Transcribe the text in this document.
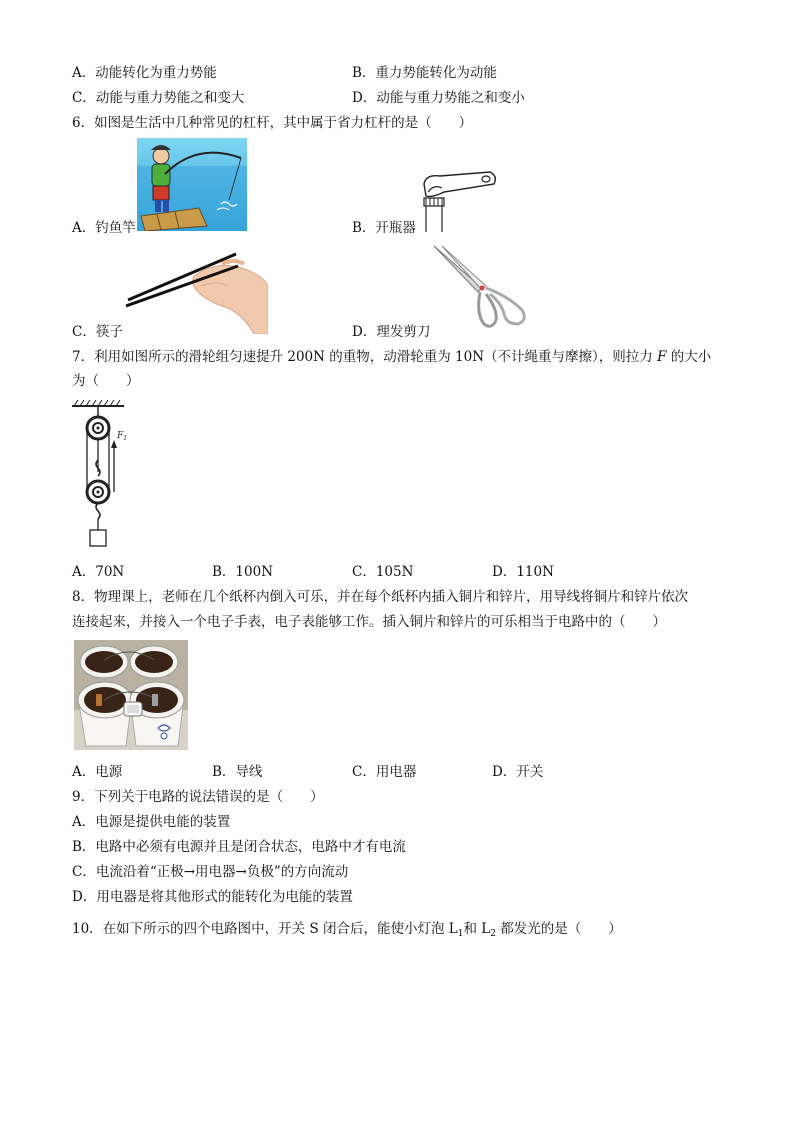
A．动能转化为重力势能	B．重力势能转化为动能
C．动能与重力势能之和变大	D．动能与重力势能之和变小
6．如图是生活中几种常见的杠杆，其中属于省力杠杆的是（　　）
A．钓鱼竿	B．开瓶器
C．筷子	D．理发剪刀
7．利用如图所示的滑轮组匀速提升 200N 的重物，动滑轮重为 10N（不计绳重与摩擦），则拉力 F 的大小
为（　　）
$F_1$
A．70N	B．100N	C．105N	D．110N
8．物理课上，老师在几个纸杯内倒入可乐，并在每个纸杯内插入铜片和锌片，用导线将铜片和锌片依次
连接起来，并接入一个电子手表，电子表能够工作。插入铜片和锌片的可乐相当于电路中的（　　）
A．电源	B．导线	C．用电器	D．开关
9．下列关于电路的说法错误的是（　　）
A．电源是提供电能的装置
B．电路中必须有电源并且是闭合状态，电路中才有电流
C．电流沿着“正极→用电器→负极”的方向流动
D．用电器是将其他形式的能转化为电能的装置
10．在如下所示的四个电路图中，开关 S 闭合后，能使小灯泡 $L_1$和 $L_2$ 都发光的是（　　）
